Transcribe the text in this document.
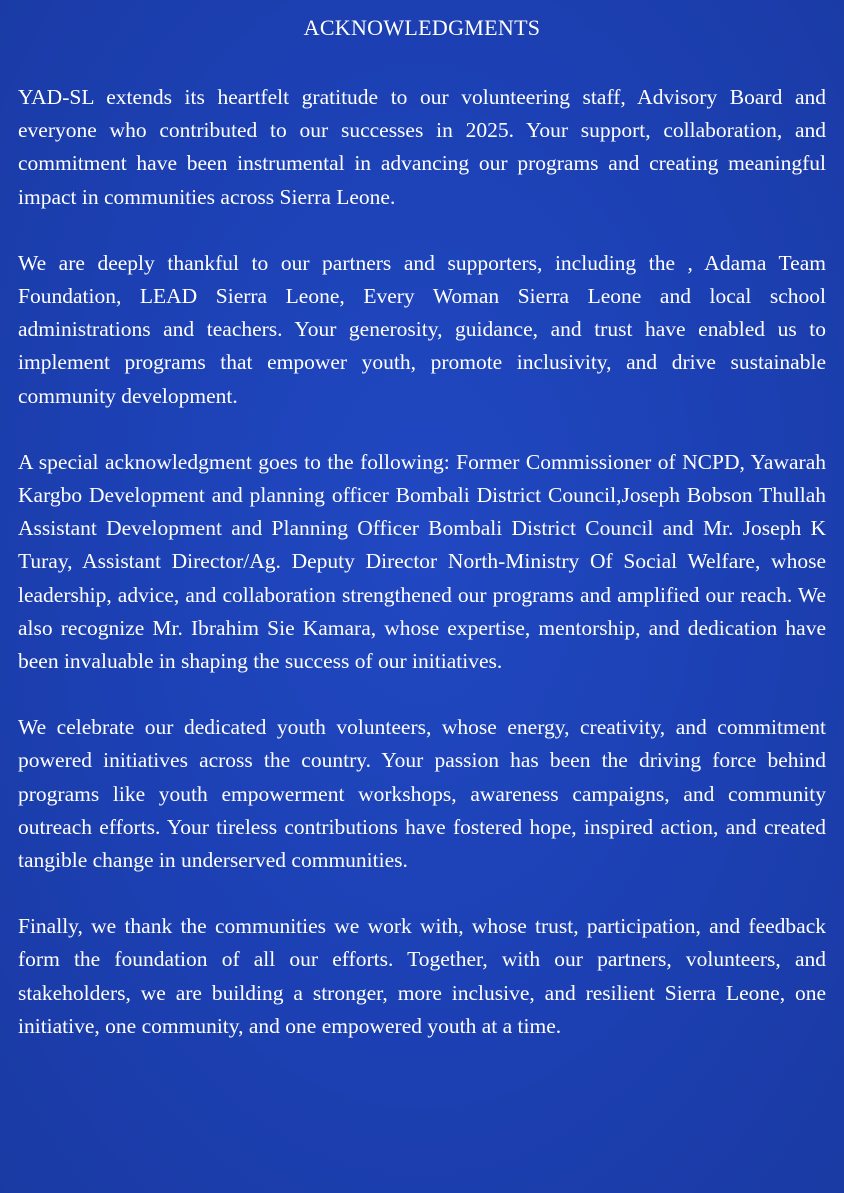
ACKNOWLEDGMENTS

YAD-SL extends its heartfelt gratitude to our volunteering staff, Advisory Board and everyone who contributed to our successes in 2025. Your support, collaboration, and commitment have been instrumental in advancing our programs and creating meaningful impact in communities across Sierra Leone.

We are deeply thankful to our partners and supporters, including the , Adama Team Foundation, LEAD Sierra Leone, Every Woman Sierra Leone and local school administrations and teachers. Your generosity, guidance, and trust have enabled us to implement programs that empower youth, promote inclusivity, and drive sustainable community development.

A special acknowledgment goes to the following: Former Commissioner of NCPD, Yawarah Kargbo Development and planning officer Bombali District Council,Joseph Bobson Thullah Assistant Development and Planning Officer Bombali District Council and Mr. Joseph K Turay, Assistant Director/Ag. Deputy Director North-Ministry Of Social Welfare, whose leadership, advice, and collaboration strengthened our programs and amplified our reach. We also recognize Mr. Ibrahim Sie Kamara, whose expertise, mentorship, and dedication have been invaluable in shaping the success of our initiatives.

We celebrate our dedicated youth volunteers, whose energy, creativity, and commitment powered initiatives across the country. Your passion has been the driving force behind programs like youth empowerment workshops, awareness campaigns, and community outreach efforts. Your tireless contributions have fostered hope, inspired action, and created tangible change in underserved communities.

Finally, we thank the communities we work with, whose trust, participation, and feedback form the foundation of all our efforts. Together, with our partners, volunteers, and stakeholders, we are building a stronger, more inclusive, and resilient Sierra Leone, one initiative, one community, and one empowered youth at a time.
